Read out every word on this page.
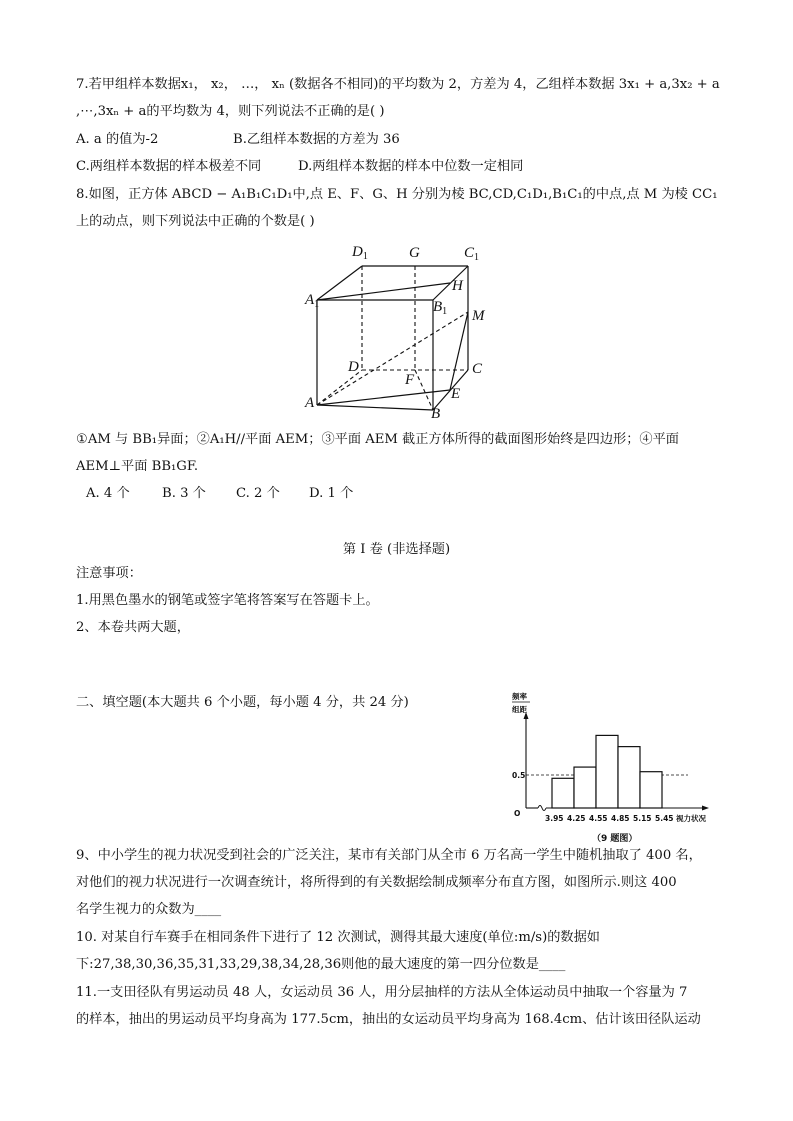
7.若甲组样本数据x₁， x₂， …， xₙ (数据各不相同)的平均数为 2，方差为 4，乙组样本数据 3x₁ + a,3x₂ + a
,⋯,3xₙ + a的平均数为 4，则下列说法不正确的是( )
A. a 的值为-2	B.乙组样本数据的方差为 36
C.两组样本数据的样本极差不同	D.两组样本数据的样本中位数一定相同
8.如图，正方体 ABCD − A₁B₁C₁D₁中,点 E、F、G、H 分别为棱 BC,CD,C₁D₁,B₁C₁的中点,点 M 为棱 CC₁
上的动点，则下列说法中正确的个数是( )
$D_1$	G	$C_1$
H
$A_1$	$B_1$ M
D	C
F
E
A
B
①AM 与 BB₁异面；②A₁H//平面 AEM；③平面 AEM 截正方体所得的截面图形始终是四边形；④平面
AEM⊥平面 BB₁GF.
A. 4 个 B. 3 个 C. 2 个 D. 1 个
第 I 卷 (非选择题)
注意事项：
1.用黑色墨水的钢笔或签字笔将答案写在答题卡上。
2、本卷共两大题，
二、填空题(本大题共 6 个小题，每小题 4 分，共 24 分)	频率
组距
O
0.5
3.95 4.25 4.55 4.85 5.15 5.45 视力状况
（9 题图）
9、中小学生的视力状况受到社会的广泛关注，某市有关部门从全市 6 万名高一学生中随机抽取了 400 名，
对他们的视力状况进行一次调查统计，将所得到的有关数据绘制成频率分布直方图，如图所示.则这 400
名学生视力的众数为____
10. 对某自行车赛手在相同条件下进行了 12 次测试，测得其最大速度(单位:m/s)的数据如
下:27,38,30,36,35,31,33,29,38,34,28,36则他的最大速度的第一四分位数是____
11.一支田径队有男运动员 48 人，女运动员 36 人，用分层抽样的方法从全体运动员中抽取一个容量为 7
的样本，抽出的男运动员平均身高为 177.5cm，抽出的女运动员平均身高为 168.4cm、估计该田径队运动
